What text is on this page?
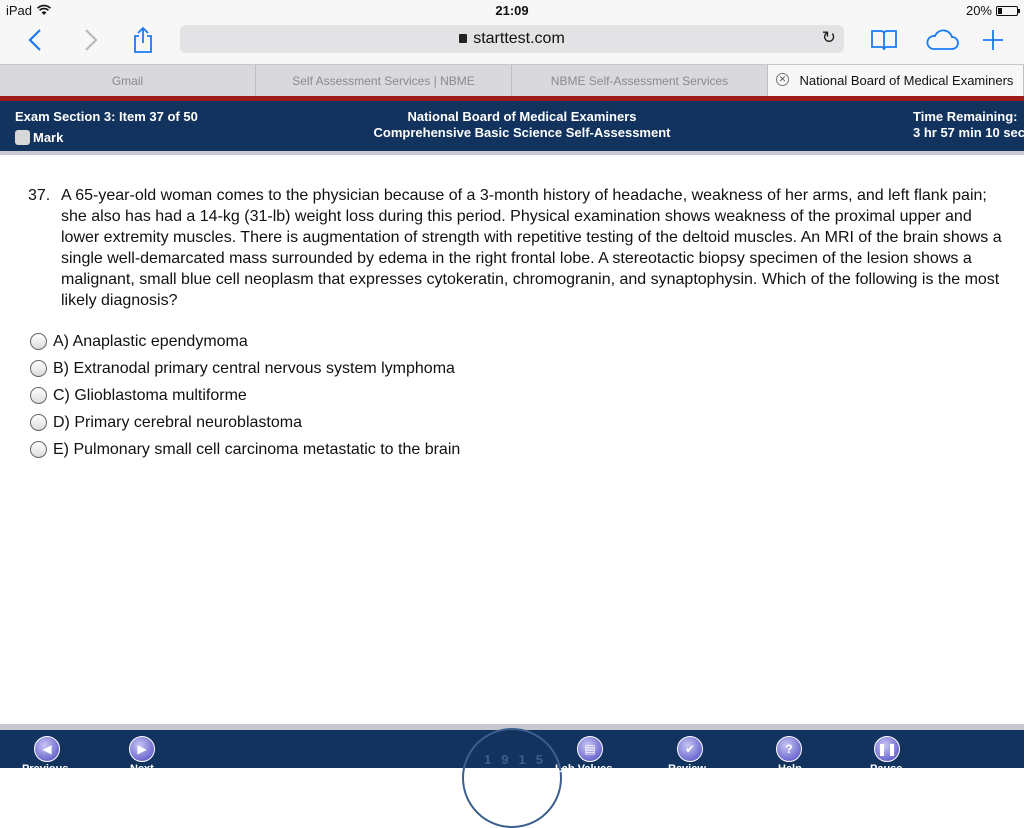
iPad	21:09	20%
starttest.com	↻
Gmail	Self Assessment Services | NBME	NBME Self-Assessment Services	✕ National Board of Medical Examiners
Exam Section 3: Item 37 of 50
Mark
National Board of Medical Examiners
Comprehensive Basic Science Self-Assessment
Time Remaining:
3 hr 57 min 10 sec
37. A 65-year-old woman comes to the physician because of a 3-month history of headache, weakness of her arms, and left flank pain; she also has had a 14-kg (31-lb) weight loss during this period. Physical examination shows weakness of the proximal upper and lower extremity muscles. There is augmentation of strength with repetitive testing of the deltoid muscles. An MRI of the brain shows a single well-demarcated mass surrounded by edema in the right frontal lobe. A stereotactic biopsy specimen of the lesion shows a malignant, small blue cell neoplasm that expresses cytokeratin, chromogranin, and synaptophysin. Which of the following is the most likely diagnosis?
A) Anaplastic ependymoma
B) Extranodal primary central nervous system lymphoma
C) Glioblastoma multiforme
D) Primary cerebral neuroblastoma
E) Pulmonary small cell carcinoma metastatic to the brain
1915
◀
Previous
▶
Next
▤
Lab Values
✔
Review
?
Help
❚❚
Pause
